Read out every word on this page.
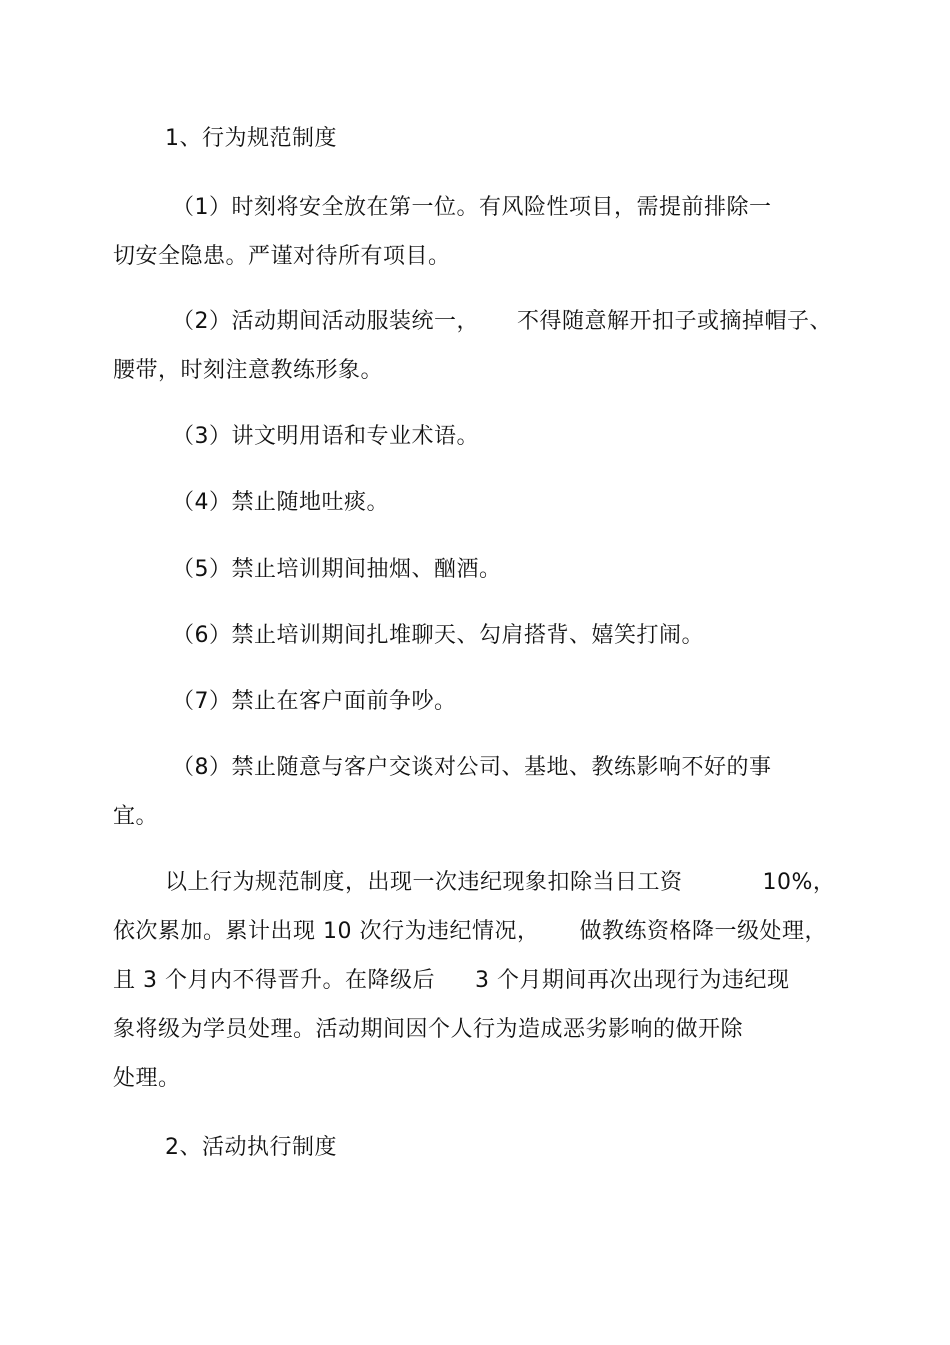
1、行为规范制度
（1）时刻将安全放在第一位。有风险性项目，需提前排除一
切安全隐患。严谨对待所有项目。
（2）活动期间活动服装统一， 不得随意解开扣子或摘掉帽子、
腰带，时刻注意教练形象。
（3）讲文明用语和专业术语。
（4）禁止随地吐痰。
（5）禁止培训期间抽烟、酗酒。
（6）禁止培训期间扎堆聊天、勾肩搭背、嬉笑打闹。
（7）禁止在客户面前争吵。
（8）禁止随意与客户交谈对公司、基地、教练影响不好的事
宜。
以上行为规范制度，出现一次违纪现象扣除当日工资	10%，
依次累加。累计出现 10 次行为违纪情况， 做教练资格降一级处理，
且 3 个月内不得晋升。在降级后 3 个月期间再次出现行为违纪现
象将级为学员处理。活动期间因个人行为造成恶劣影响的做开除
处理。
2、活动执行制度
